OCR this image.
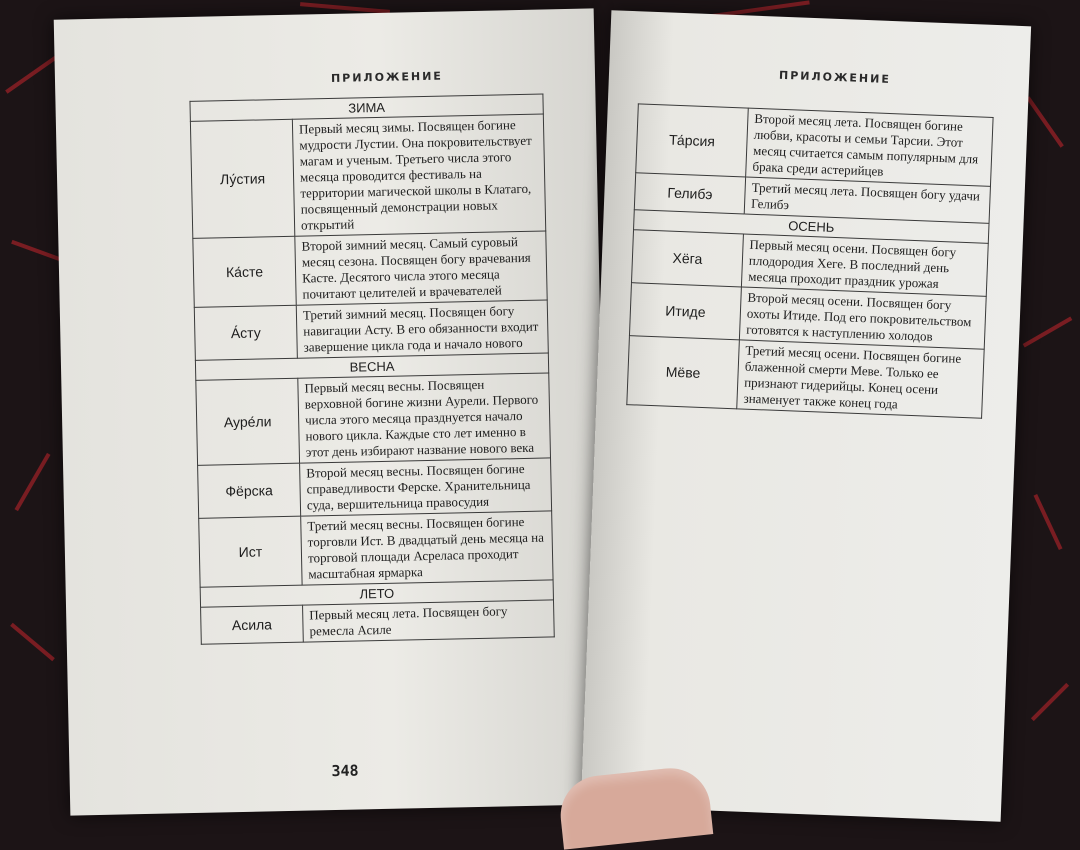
ПРИЛОЖЕНИЕ
ЗИМА	
Лу́стия	Первый месяц зимы. Посвящен богине мудрости Лустии. Она покровительствует магам и ученым. Третьего числа этого месяца проводится фестиваль на территории магической школы в Клатаго, посвященный демонстрации новых открытий
Ка́сте	Второй зимний месяц. Самый суровый месяц сезона. Посвящен богу врачевания Касте. Десятого числа этого месяца почитают целителей и врачевателей
А́сту	Третий зимний месяц. Посвящен богу навигации Асту. В его обязанности входит завершение цикла года и начало нового
ВЕСНА	
Ауре́ли	Первый месяц весны. Посвящен верховной богине жизни Аурели. Первого числа этого месяца празднуется начало нового цикла. Каждые сто лет именно в этот день избирают название нового века
Фёрска	Второй месяц весны. Посвящен богине справедливости Ферске. Хранительница суда, вершительница правосудия
Ист	Третий месяц весны. Посвящен богине торговли Ист. В двадцатый день месяца на торговой площади Асрелаcа проходит масштабная ярмарка
ЛЕТО	
Асила	Первый месяц лета. Посвящен богу ремесла Асиле
348
ПРИЛОЖЕНИЕ
Та́рсия	Второй месяц лета. Посвящен богине любви, красоты и семьи Тарсии. Этот месяц считается самым популярным для брака среди астерийцев
Гелибэ	Третий месяц лета. Посвящен богу удачи Гелибэ
ОСЕНЬ	
Хёга	Первый месяц осени. Посвящен богу плодородия Хеге. В последний день месяца проходит праздник урожая
Итиде	Второй месяц осени. Посвящен богу охоты Итиде. Под его покровительством готовятся к наступлению холодов
Мёве	Третий месяц осени. Посвящен богине блаженной смерти Меве. Только ее признают гидерийцы. Конец осени знаменует также конец года
